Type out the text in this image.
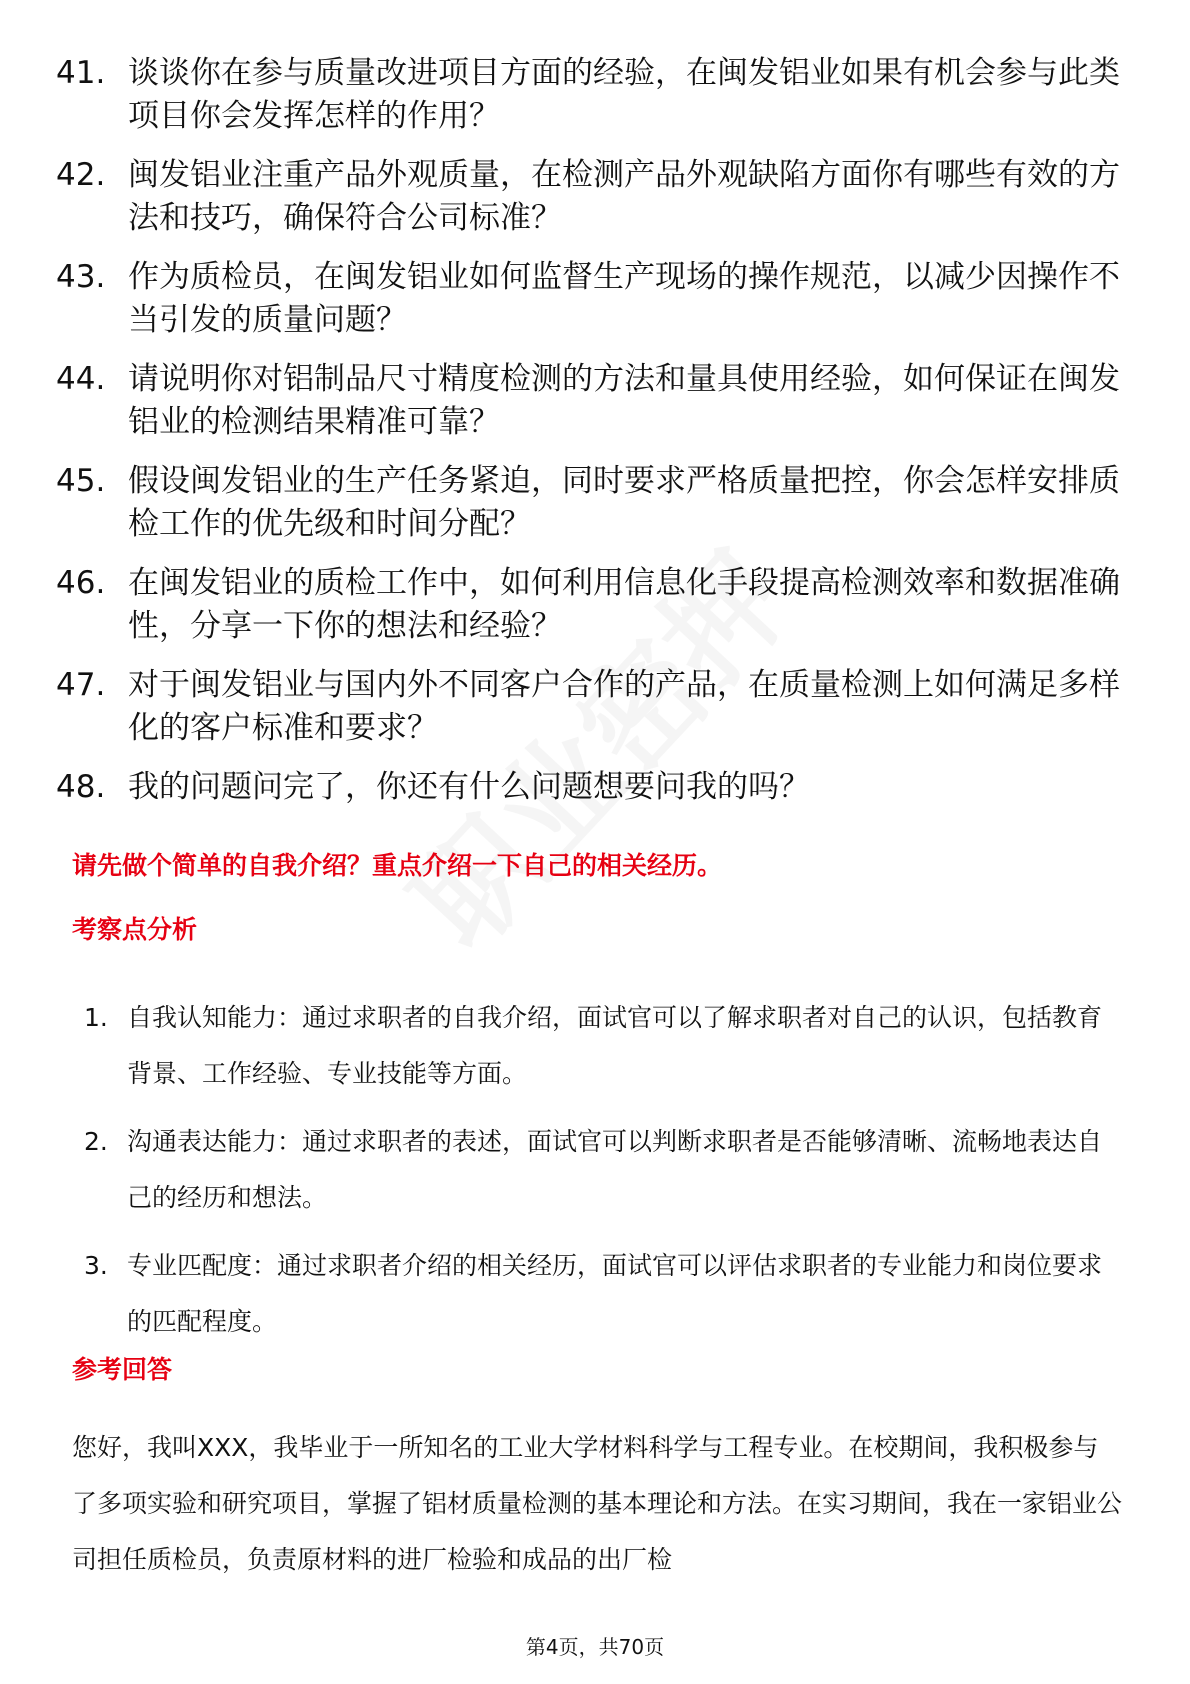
41. 谈谈你在参与质量改进项目方面的经验，在闽发铝业如果有机会参与此类项目你会发挥怎样的作用？
42. 闽发铝业注重产品外观质量，在检测产品外观缺陷方面你有哪些有效的方法和技巧，确保符合公司标准？
43. 作为质检员，在闽发铝业如何监督生产现场的操作规范，以减少因操作不当引发的质量问题？
44. 请说明你对铝制品尺寸精度检测的方法和量具使用经验，如何保证在闽发铝业的检测结果精准可靠？
45. 假设闽发铝业的生产任务紧迫，同时要求严格质量把控，你会怎样安排质检工作的优先级和时间分配？
46. 在闽发铝业的质检工作中，如何利用信息化手段提高检测效率和数据准确性，分享一下你的想法和经验？
47. 对于闽发铝业与国内外不同客户合作的产品，在质量检测上如何满足多样化的客户标准和要求？
48. 我的问题问完了，你还有什么问题想要问我的吗？
请先做个简单的自我介绍？重点介绍一下自己的相关经历。
考察点分析
1. 自我认知能力：通过求职者的自我介绍，面试官可以了解求职者对自己的认识，包括教育背景、工作经验、专业技能等方面。
2. 沟通表达能力：通过求职者的表述，面试官可以判断求职者是否能够清晰、流畅地表达自己的经历和想法。
3. 专业匹配度：通过求职者介绍的相关经历，面试官可以评估求职者的专业能力和岗位要求的匹配程度。
参考回答
您好，我叫XXX，我毕业于一所知名的工业大学材料科学与工程专业。在校期间，我积极参与了多项实验和研究项目，掌握了铝材质量检测的基本理论和方法。在实习期间，我在一家铝业公司担任质检员，负责原材料的进厂检验和成品的出厂检
第4页，共70页
